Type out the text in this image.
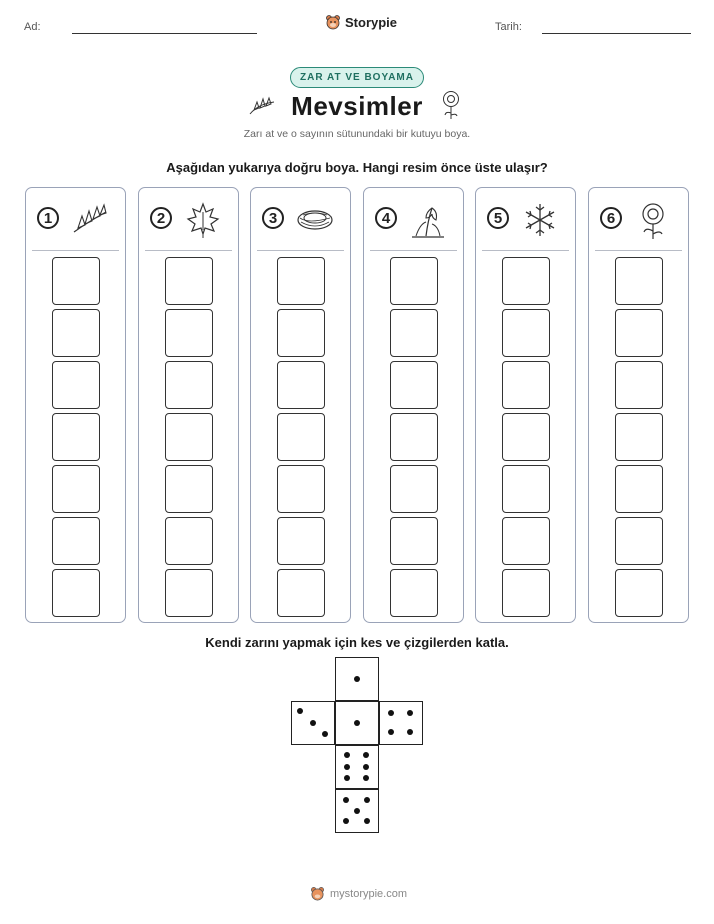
Ad:	Storypie	Tarih:
ZAR AT VE BOYAMA
Mevsimler
Zarı at ve o sayının sütunundaki bir kutuyu boya.
Aşağıdan yukarıya doğru boya. Hangi resim önce üste ulaşır?
1	2	3	4	5	6
Kendi zarını yapmak için kes ve çizgilerden katla.
mystorypie.com
